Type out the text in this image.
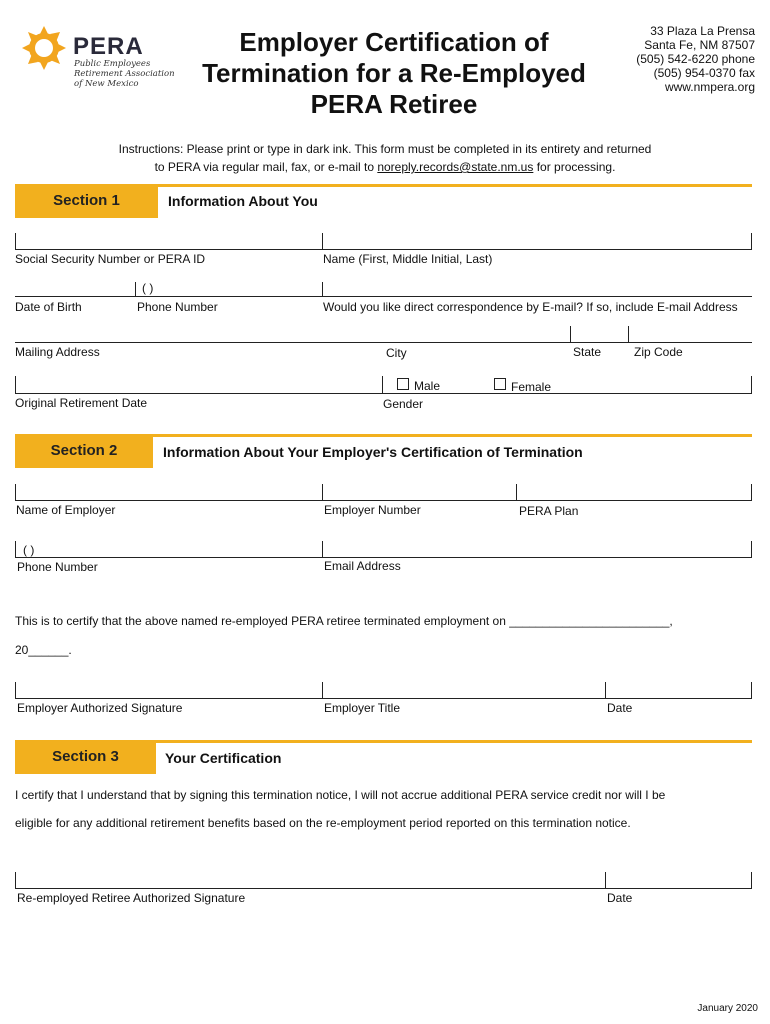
PERA
Public Employees
Retirement Association
of New Mexico
Employer Certification of
Termination for a Re-Employed
PERA Retiree
33 Plaza La Prensa
Santa Fe, NM 87507
(505) 542-6220 phone
(505) 954-0370 fax
www.nmpera.org
Instructions: Please print or type in dark ink. This form must be completed in its entirety and returned
to PERA via regular mail, fax, or e-mail to noreply.records@state.nm.us for processing.
Section 1	Information About You
Social Security Number or PERA ID	Name (First, Middle Initial, Last)
( )
Date of Birth	Phone Number	Would you like direct correspondence by E-mail? If so, include E-mail Address
Mailing Address	City	State	Zip Code
Male	Female
Original Retirement Date	Gender
Section 2	Information About Your Employer's Certification of Termination
Name of Employer	Employer Number	PERA Plan
( )
Phone Number	Email Address
This is to certify that the above named re-employed PERA retiree terminated employment on ________________________,
20______.
Employer Authorized Signature	Employer Title	Date
Section 3	Your Certification
I certify that I understand that by signing this termination notice, I will not accrue additional PERA service credit nor will I be
eligible for any additional retirement benefits based on the re-employment period reported on this termination notice.
Re-employed Retiree Authorized Signature	Date
January 2020
